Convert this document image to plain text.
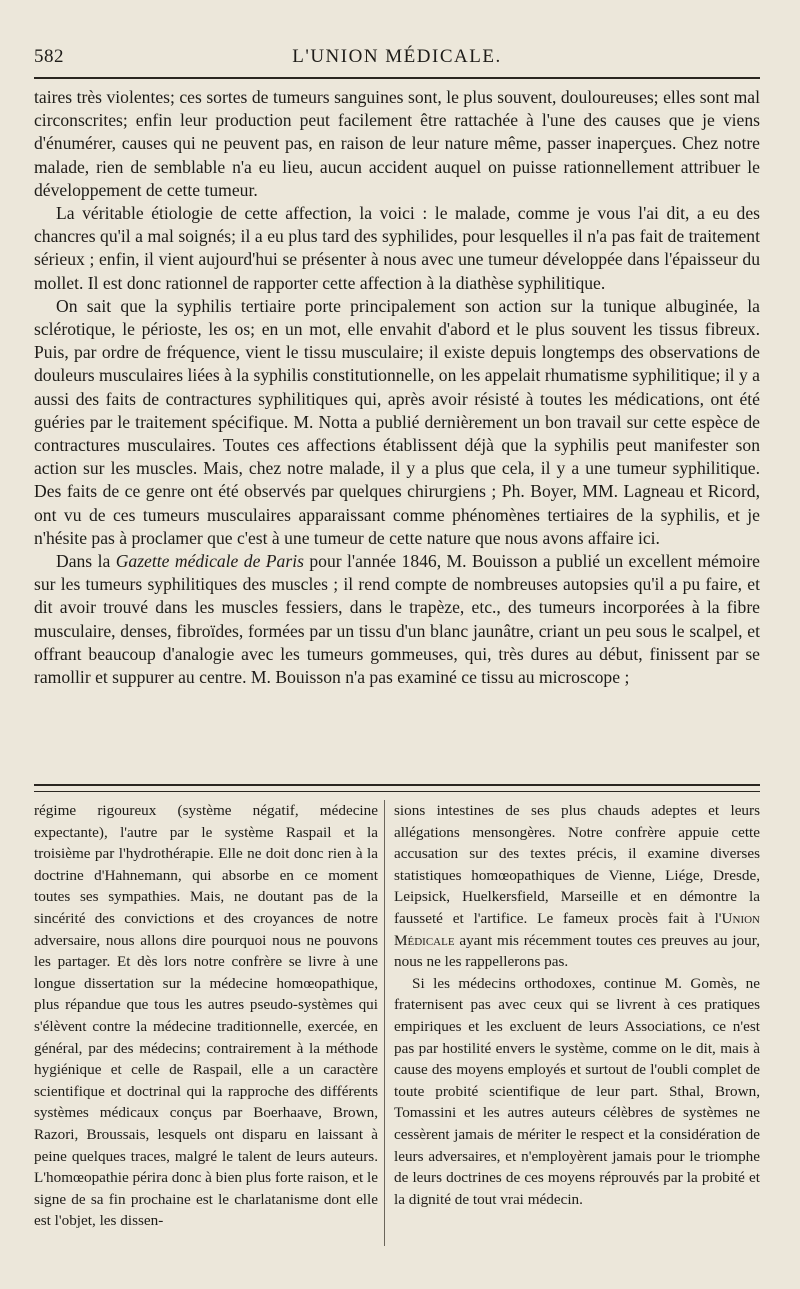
582	L'UNION MÉDICALE.

taires très violentes; ces sortes de tumeurs sanguines sont, le plus souvent, douloureuses; elles sont mal circonscrites; enfin leur production peut facilement être rattachée à l'une des causes que je viens d'énumérer, causes qui ne peuvent pas, en raison de leur nature même, passer inaperçues. Chez notre malade, rien de semblable n'a eu lieu, aucun accident auquel on puisse rationnellement attribuer le développement de cette tumeur.

La véritable étiologie de cette affection, la voici : le malade, comme je vous l'ai dit, a eu des chancres qu'il a mal soignés; il a eu plus tard des syphilides, pour lesquelles il n'a pas fait de traitement sérieux ; enfin, il vient aujourd'hui se présenter à nous avec une tumeur développée dans l'épaisseur du mollet. Il est donc rationnel de rapporter cette affection à la diathèse syphilitique.

On sait que la syphilis tertiaire porte principalement son action sur la tunique albuginée, la sclérotique, le périoste, les os; en un mot, elle envahit d'abord et le plus souvent les tissus fibreux. Puis, par ordre de fréquence, vient le tissu musculaire; il existe depuis longtemps des observations de douleurs musculaires liées à la syphilis constitutionnelle, on les appelait rhumatisme syphilitique; il y a aussi des faits de contractures syphilitiques qui, après avoir résisté à toutes les médications, ont été guéries par le traitement spécifique. M. Notta a publié dernièrement un bon travail sur cette espèce de contractures musculaires. Toutes ces affections établissent déjà que la syphilis peut manifester son action sur les muscles. Mais, chez notre malade, il y a plus que cela, il y a une tumeur syphilitique. Des faits de ce genre ont été observés par quelques chirurgiens ; Ph. Boyer, MM. Lagneau et Ricord, ont vu de ces tumeurs musculaires apparaissant comme phénomènes tertiaires de la syphilis, et je n'hésite pas à proclamer que c'est à une tumeur de cette nature que nous avons affaire ici.

Dans la Gazette médicale de Paris pour l'année 1846, M. Bouisson a publié un excellent mémoire sur les tumeurs syphilitiques des muscles ; il rend compte de nombreuses autopsies qu'il a pu faire, et dit avoir trouvé dans les muscles fessiers, dans le trapèze, etc., des tumeurs incorporées à la fibre musculaire, denses, fibroïdes, formées par un tissu d'un blanc jaunâtre, criant un peu sous le scalpel, et offrant beaucoup d'analogie avec les tumeurs gommeuses, qui, très dures au début, finissent par se ramollir et suppurer au centre. M. Bouisson n'a pas examiné ce tissu au microscope ;

régime rigoureux (système négatif, médecine expectante), l'autre par le système Raspail et la troisième par l'hydrothérapie. Elle ne doit donc rien à la doctrine d'Hahnemann, qui absorbe en ce moment toutes ses sympathies. Mais, ne doutant pas de la sincérité des convictions et des croyances de notre adversaire, nous allons dire pourquoi nous ne pouvons les partager. Et dès lors notre confrère se livre à une longue dissertation sur la médecine homœopathique, plus répandue que tous les autres pseudo-systèmes qui s'élèvent contre la médecine traditionnelle, exercée, en général, par des médecins; contrairement à la méthode hygiénique et celle de Raspail, elle a un caractère scientifique et doctrinal qui la rapproche des différents systèmes médicaux conçus par Boerhaave, Brown, Razori, Broussais, lesquels ont disparu en laissant à peine quelques traces, malgré le talent de leurs auteurs. L'homœopathie périra donc à bien plus forte raison, et le signe de sa fin prochaine est le charlatanisme dont elle est l'objet, les dissen-

sions intestines de ses plus chauds adeptes et leurs allégations mensongères. Notre confrère appuie cette accusation sur des textes précis, il examine diverses statistiques homœopathiques de Vienne, Liége, Dresde, Leipsick, Huelkersfield, Marseille et en démontre la fausseté et l'artifice. Le fameux procès fait à l'Union Médicale ayant mis récemment toutes ces preuves au jour, nous ne les rappellerons pas.

Si les médecins orthodoxes, continue M. Gomès, ne fraternisent pas avec ceux qui se livrent à ces pratiques empiriques et les excluent de leurs Associations, ce n'est pas par hostilité envers le système, comme on le dit, mais à cause des moyens employés et surtout de l'oubli complet de toute probité scientifique de leur part. Sthal, Brown, Tomassini et les autres auteurs célèbres de systèmes ne cessèrent jamais de mériter le respect et la considération de leurs adversaires, et n'employèrent jamais pour le triomphe de leurs doctrines de ces moyens réprouvés par la probité et la dignité de tout vrai médecin.
